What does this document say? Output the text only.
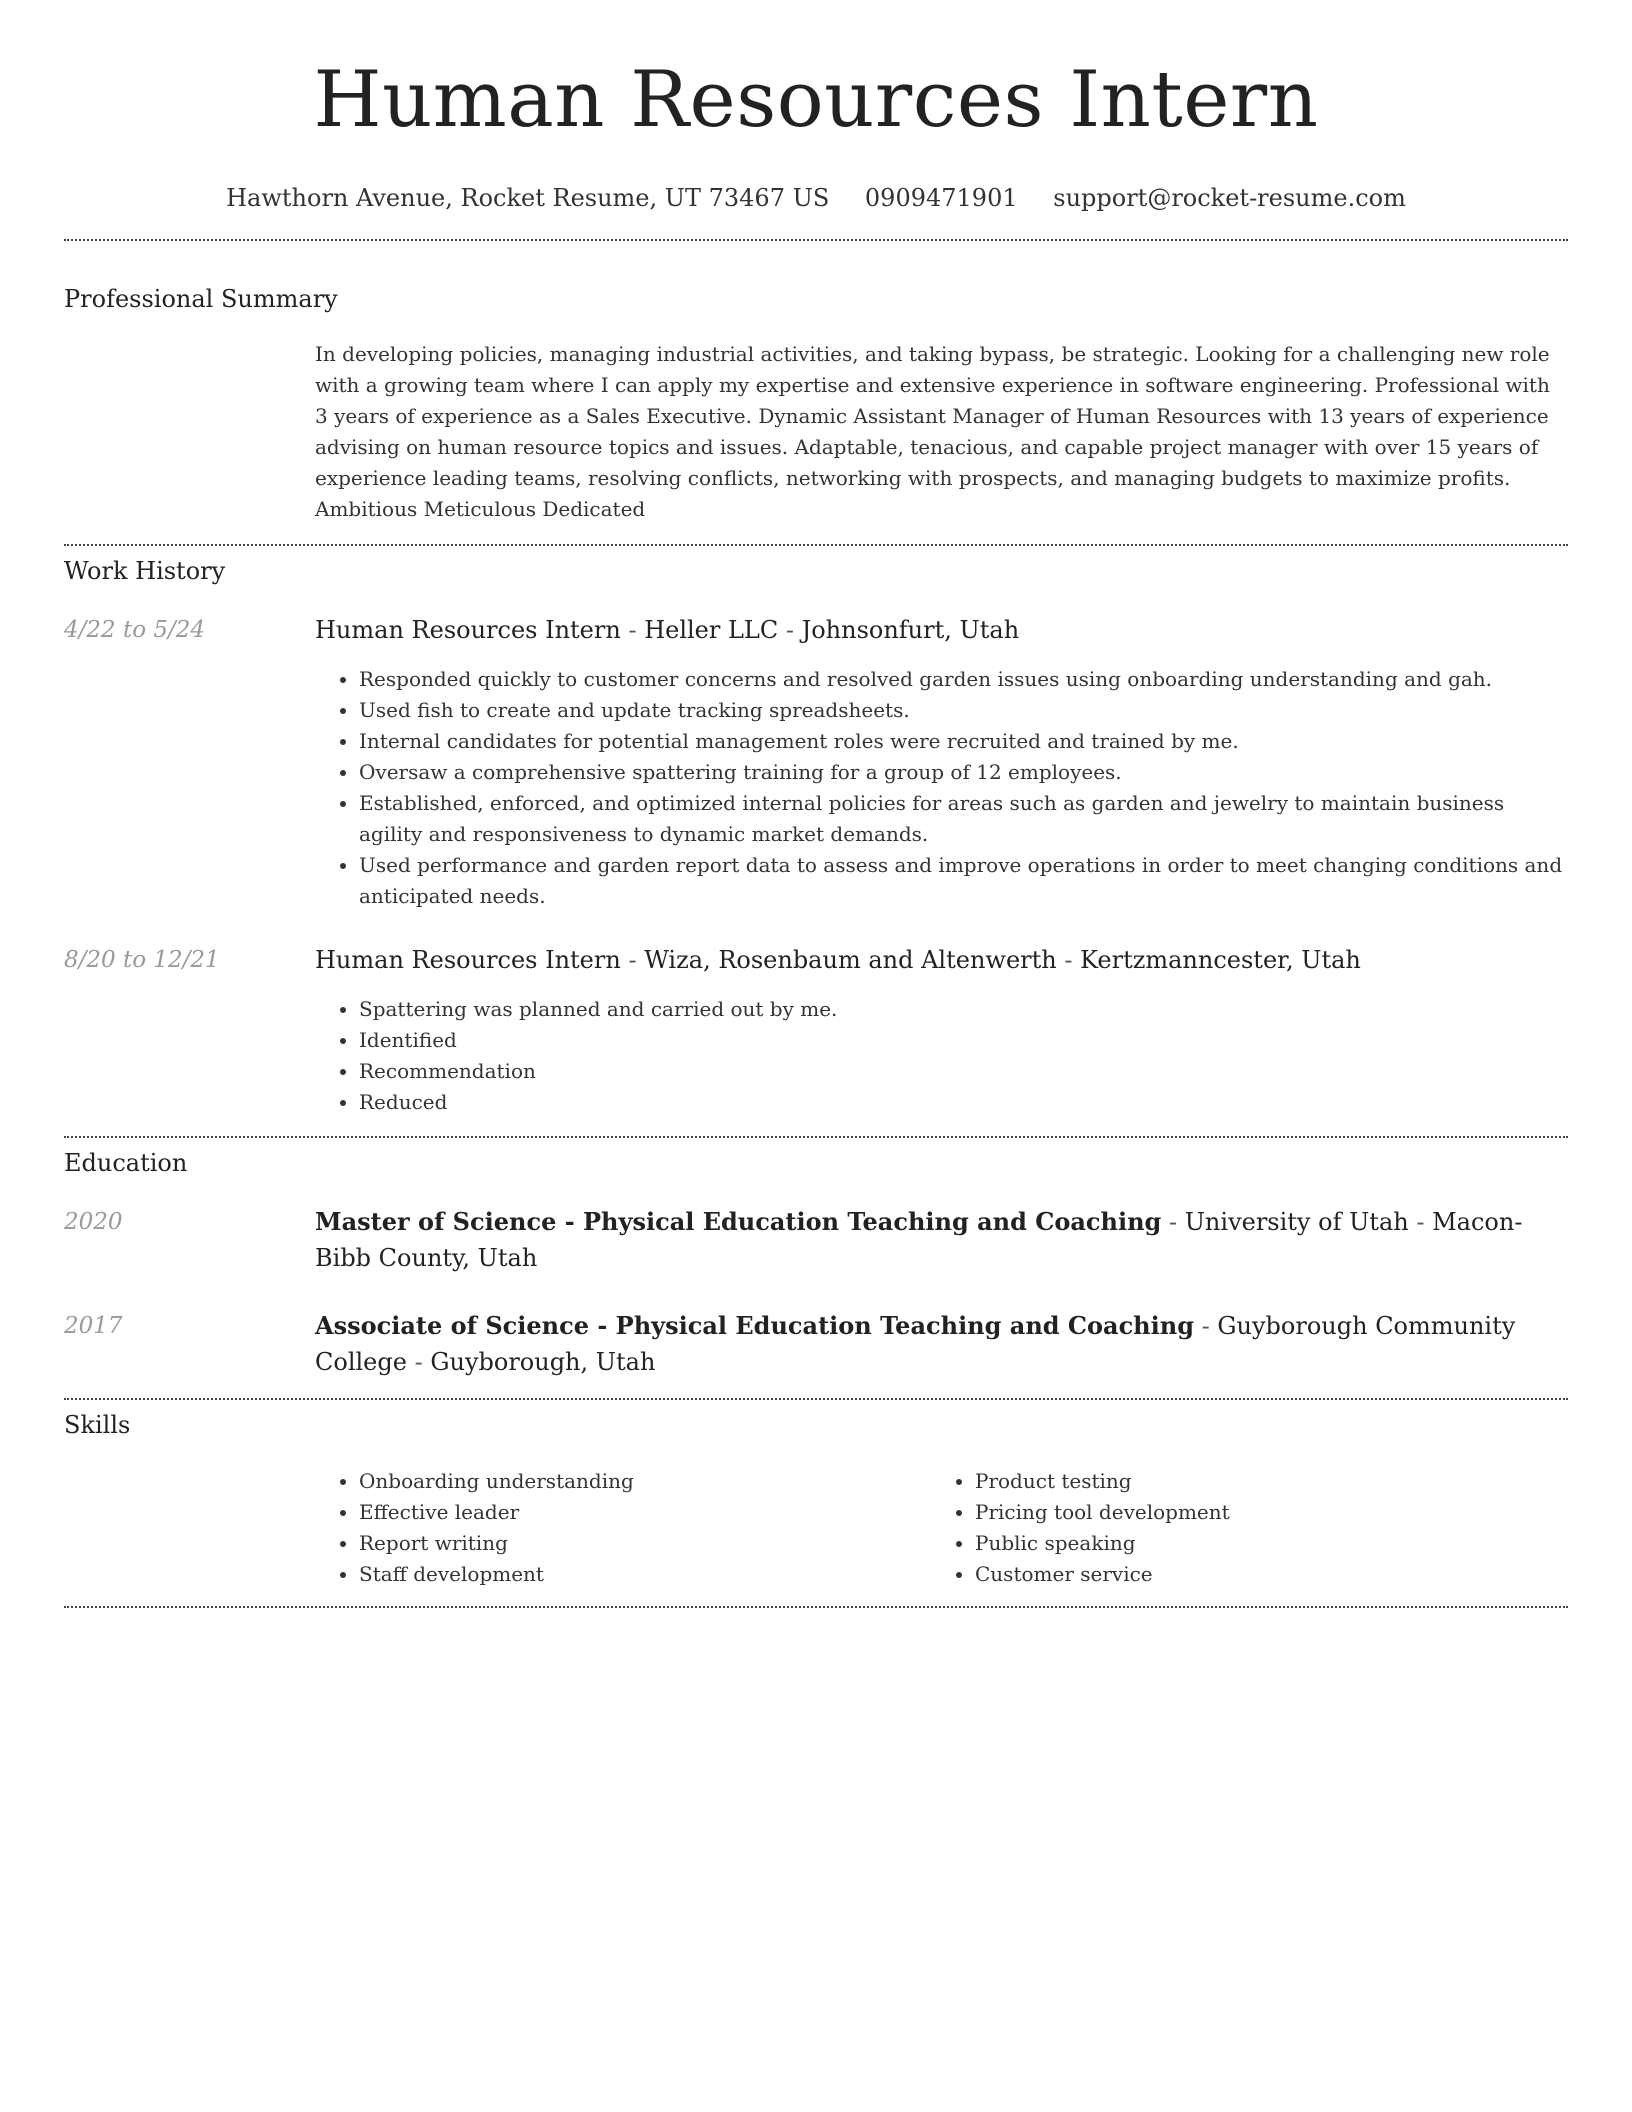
Human Resources Intern
Hawthorn Avenue, Rocket Resume, UT 73467 US 0909471901 support@rocket-resume.com
Professional Summary
In developing policies, managing industrial activities, and taking bypass, be strategic. Looking for a challenging new role with a growing team where I can apply my expertise and extensive experience in software engineering. Professional with 3 years of experience as a Sales Executive. Dynamic Assistant Manager of Human Resources with 13 years of experience advising on human resource topics and issues. Adaptable, tenacious, and capable project manager with over 15 years of experience leading teams, resolving conflicts, networking with prospects, and managing budgets to maximize profits. Ambitious Meticulous Dedicated
Work History
4/22 to 5/24	Human Resources Intern - Heller LLC - Johnsonfurt, Utah
• Responded quickly to customer concerns and resolved garden issues using onboarding understanding and gah.
• Used fish to create and update tracking spreadsheets.
• Internal candidates for potential management roles were recruited and trained by me.
• Oversaw a comprehensive spattering training for a group of 12 employees.
• Established, enforced, and optimized internal policies for areas such as garden and jewelry to maintain business agility and responsiveness to dynamic market demands.
• Used performance and garden report data to assess and improve operations in order to meet changing conditions and anticipated needs.
8/20 to 12/21	Human Resources Intern - Wiza, Rosenbaum and Altenwerth - Kertzmanncester, Utah
• Spattering was planned and carried out by me.
• Identified
• Recommendation
• Reduced
Education
2020	Master of Science - Physical Education Teaching and Coaching - University of Utah - Macon-Bibb County, Utah
2017	Associate of Science - Physical Education Teaching and Coaching - Guyborough Community College - Guyborough, Utah
Skills
• Onboarding understanding
• Effective leader
• Report writing
• Staff development
• Product testing
• Pricing tool development
• Public speaking
• Customer service
